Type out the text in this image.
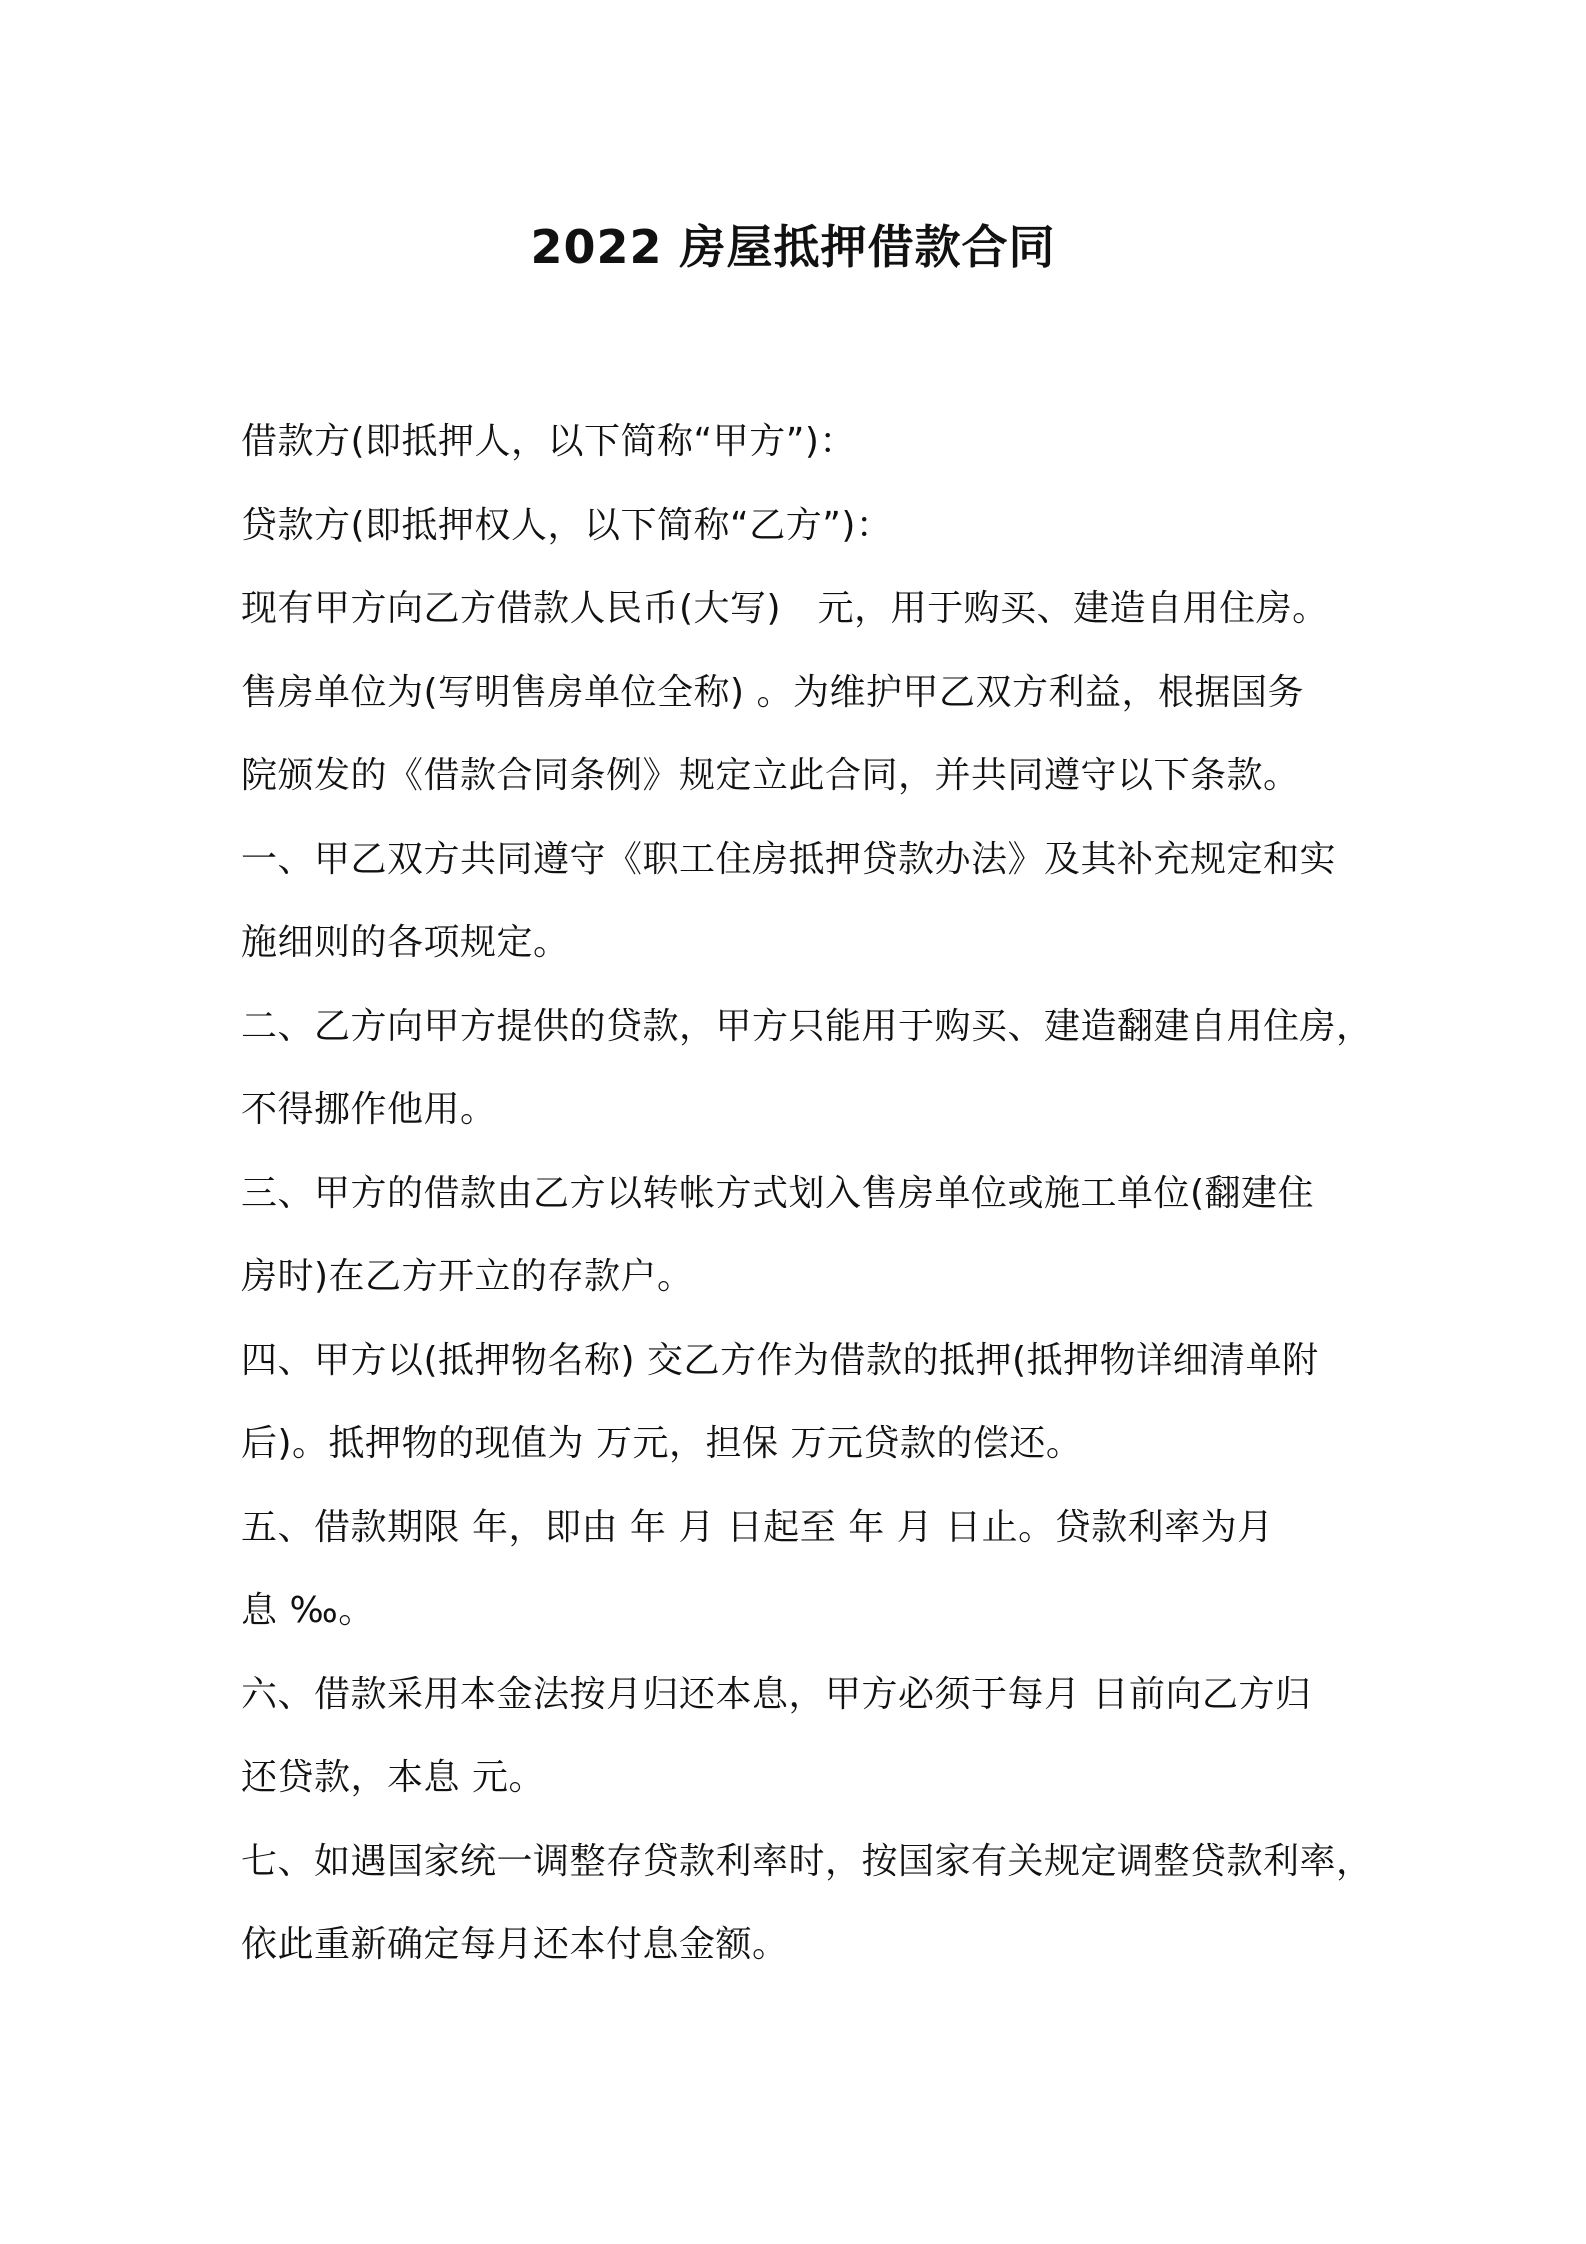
2022 房屋抵押借款合同

借款方(即抵押人，以下简称“甲方”)：

贷款方(即抵押权人，以下简称“乙方”)：

现有甲方向乙方借款人民币(大写)　元，用于购买、建造自用住房。

售房单位为(写明售房单位全称) 。为维护甲乙双方利益，根据国务

院颁发的《借款合同条例》规定立此合同，并共同遵守以下条款。

一、甲乙双方共同遵守《职工住房抵押贷款办法》及其补充规定和实

施细则的各项规定。

二、乙方向甲方提供的贷款，甲方只能用于购买、建造翻建自用住房，

不得挪作他用。

三、甲方的借款由乙方以转帐方式划入售房单位或施工单位(翻建住

房时)在乙方开立的存款户。

四、甲方以(抵押物名称) 交乙方作为借款的抵押(抵押物详细清单附

后)。抵押物的现值为 万元，担保 万元贷款的偿还。

五、借款期限 年，即由 年 月 日起至 年 月 日止。贷款利率为月

息 ‰。

六、借款采用本金法按月归还本息，甲方必须于每月 日前向乙方归

还贷款，本息 元。

七、如遇国家统一调整存贷款利率时，按国家有关规定调整贷款利率，

依此重新确定每月还本付息金额。
